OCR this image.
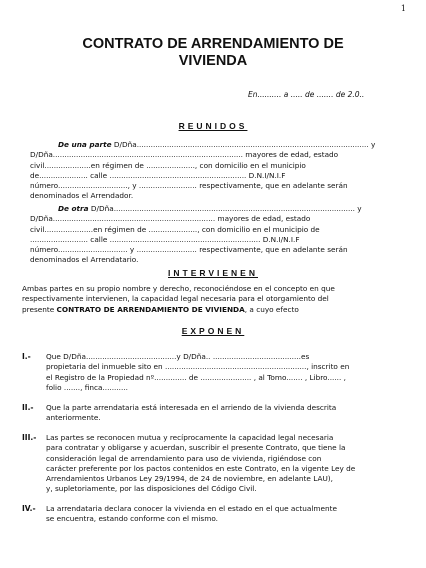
1
CONTRATO DE ARRENDAMIENTO DE
VIVIENDA
En.......... a ..... de ....... de 2.0..
REUNIDOS
De una parte D/Dña.................................................................................................... y
D/Dña.................................................................................. mayores de edad, estado
civil....................en régimen de ....................., con domicilio en el municipio
de..................... calle ........................................................... D.N.I/N.I.F
número.............................., y ......................... respectivamente, que en adelante serán
denominados el Arrendador.
De otra D/Dña........................................................................................................ y
D/Dña...................................................................... mayores de edad, estado
civil.....................en régimen de ....................., con domicilio en el municipio de
......................... calle ................................................................. D.N.I/N.I.F
número.............................. y .......................... respectivamente, que en adelante serán
denominados el Arrendatario.
INTERVIENEN
Ambas partes en su propio nombre y derecho, reconociéndose en el concepto en que
respectivamente intervienen, la capacidad legal necesaria para el otorgamiento del
presente CONTRATO DE ARRENDAMIENTO DE VIVIENDA, a cuyo efecto
EXPONEN
I.- Que D/Dña.......................................y D/Dña.. ......................................es
propietaria del inmueble sito en ............................................................., inscrito en
el Registro de la Propiedad nº.............. de ...................... , al Tomo....... , Libro...... ,
folio ......., finca...........
II.- Que la parte arrendataria está interesada en el arriendo de la vivienda descrita
anteriormente.
III.- Las partes se reconocen mutua y recíprocamente la capacidad legal necesaria
para contratar y obligarse y acuerdan, suscribir el presente Contrato, que tiene la
consideración legal de arrendamiento para uso de vivienda, rigiéndose con
carácter preferente por los pactos contenidos en este Contrato, en la vigente Ley de
Arrendamientos Urbanos Ley 29/1994, de 24 de noviembre, en adelante LAU),
y, supletoriamente, por las disposiciones del Código Civil.
IV.- La arrendataria declara conocer la vivienda en el estado en el que actualmente
se encuentra, estando conforme con el mismo.
